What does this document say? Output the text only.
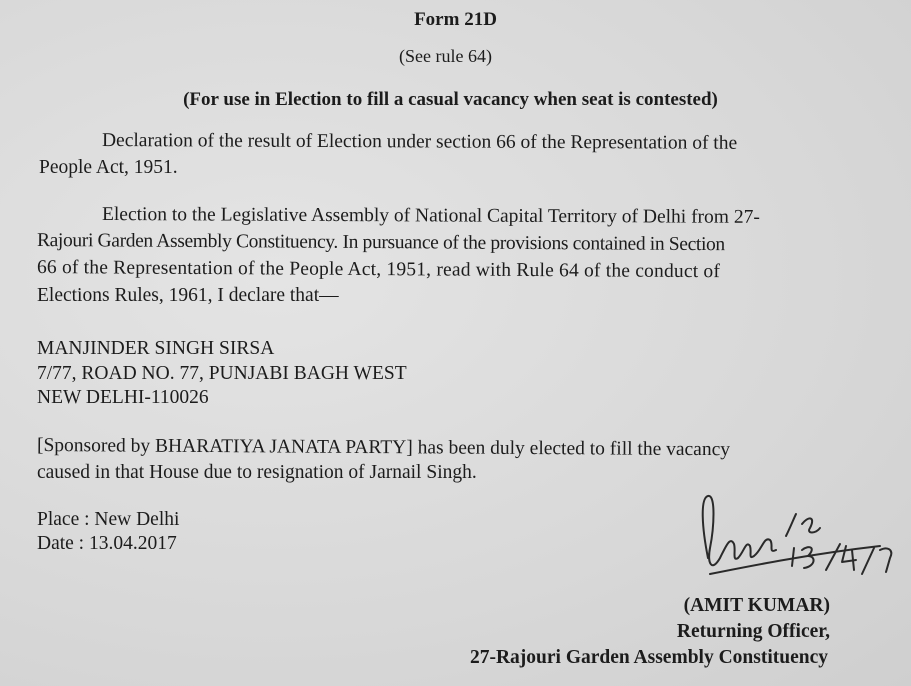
Form 21D
(See rule 64)
(For use in Election to fill a casual vacancy when seat is contested)
Declaration of the result of Election under section 66 of the Representation of the
People Act, 1951.
Election to the Legislative Assembly of National Capital Territory of Delhi from 27-
Rajouri Garden Assembly Constituency. In pursuance of the provisions contained in Section
66 of the Representation of the People Act, 1951, read with Rule 64 of the conduct of
Elections Rules, 1961, I declare that—
MANJINDER SINGH SIRSA
7/77, ROAD NO. 77, PUNJABI BAGH WEST
NEW DELHI-110026
[Sponsored by BHARATIYA JANATA PARTY] has been duly elected to fill the vacancy
caused in that House due to resignation of Jarnail Singh.
Place : New Delhi
Date : 13.04.2017
13/4/17
(AMIT KUMAR)
Returning Officer,
27-Rajouri Garden Assembly Constituency
